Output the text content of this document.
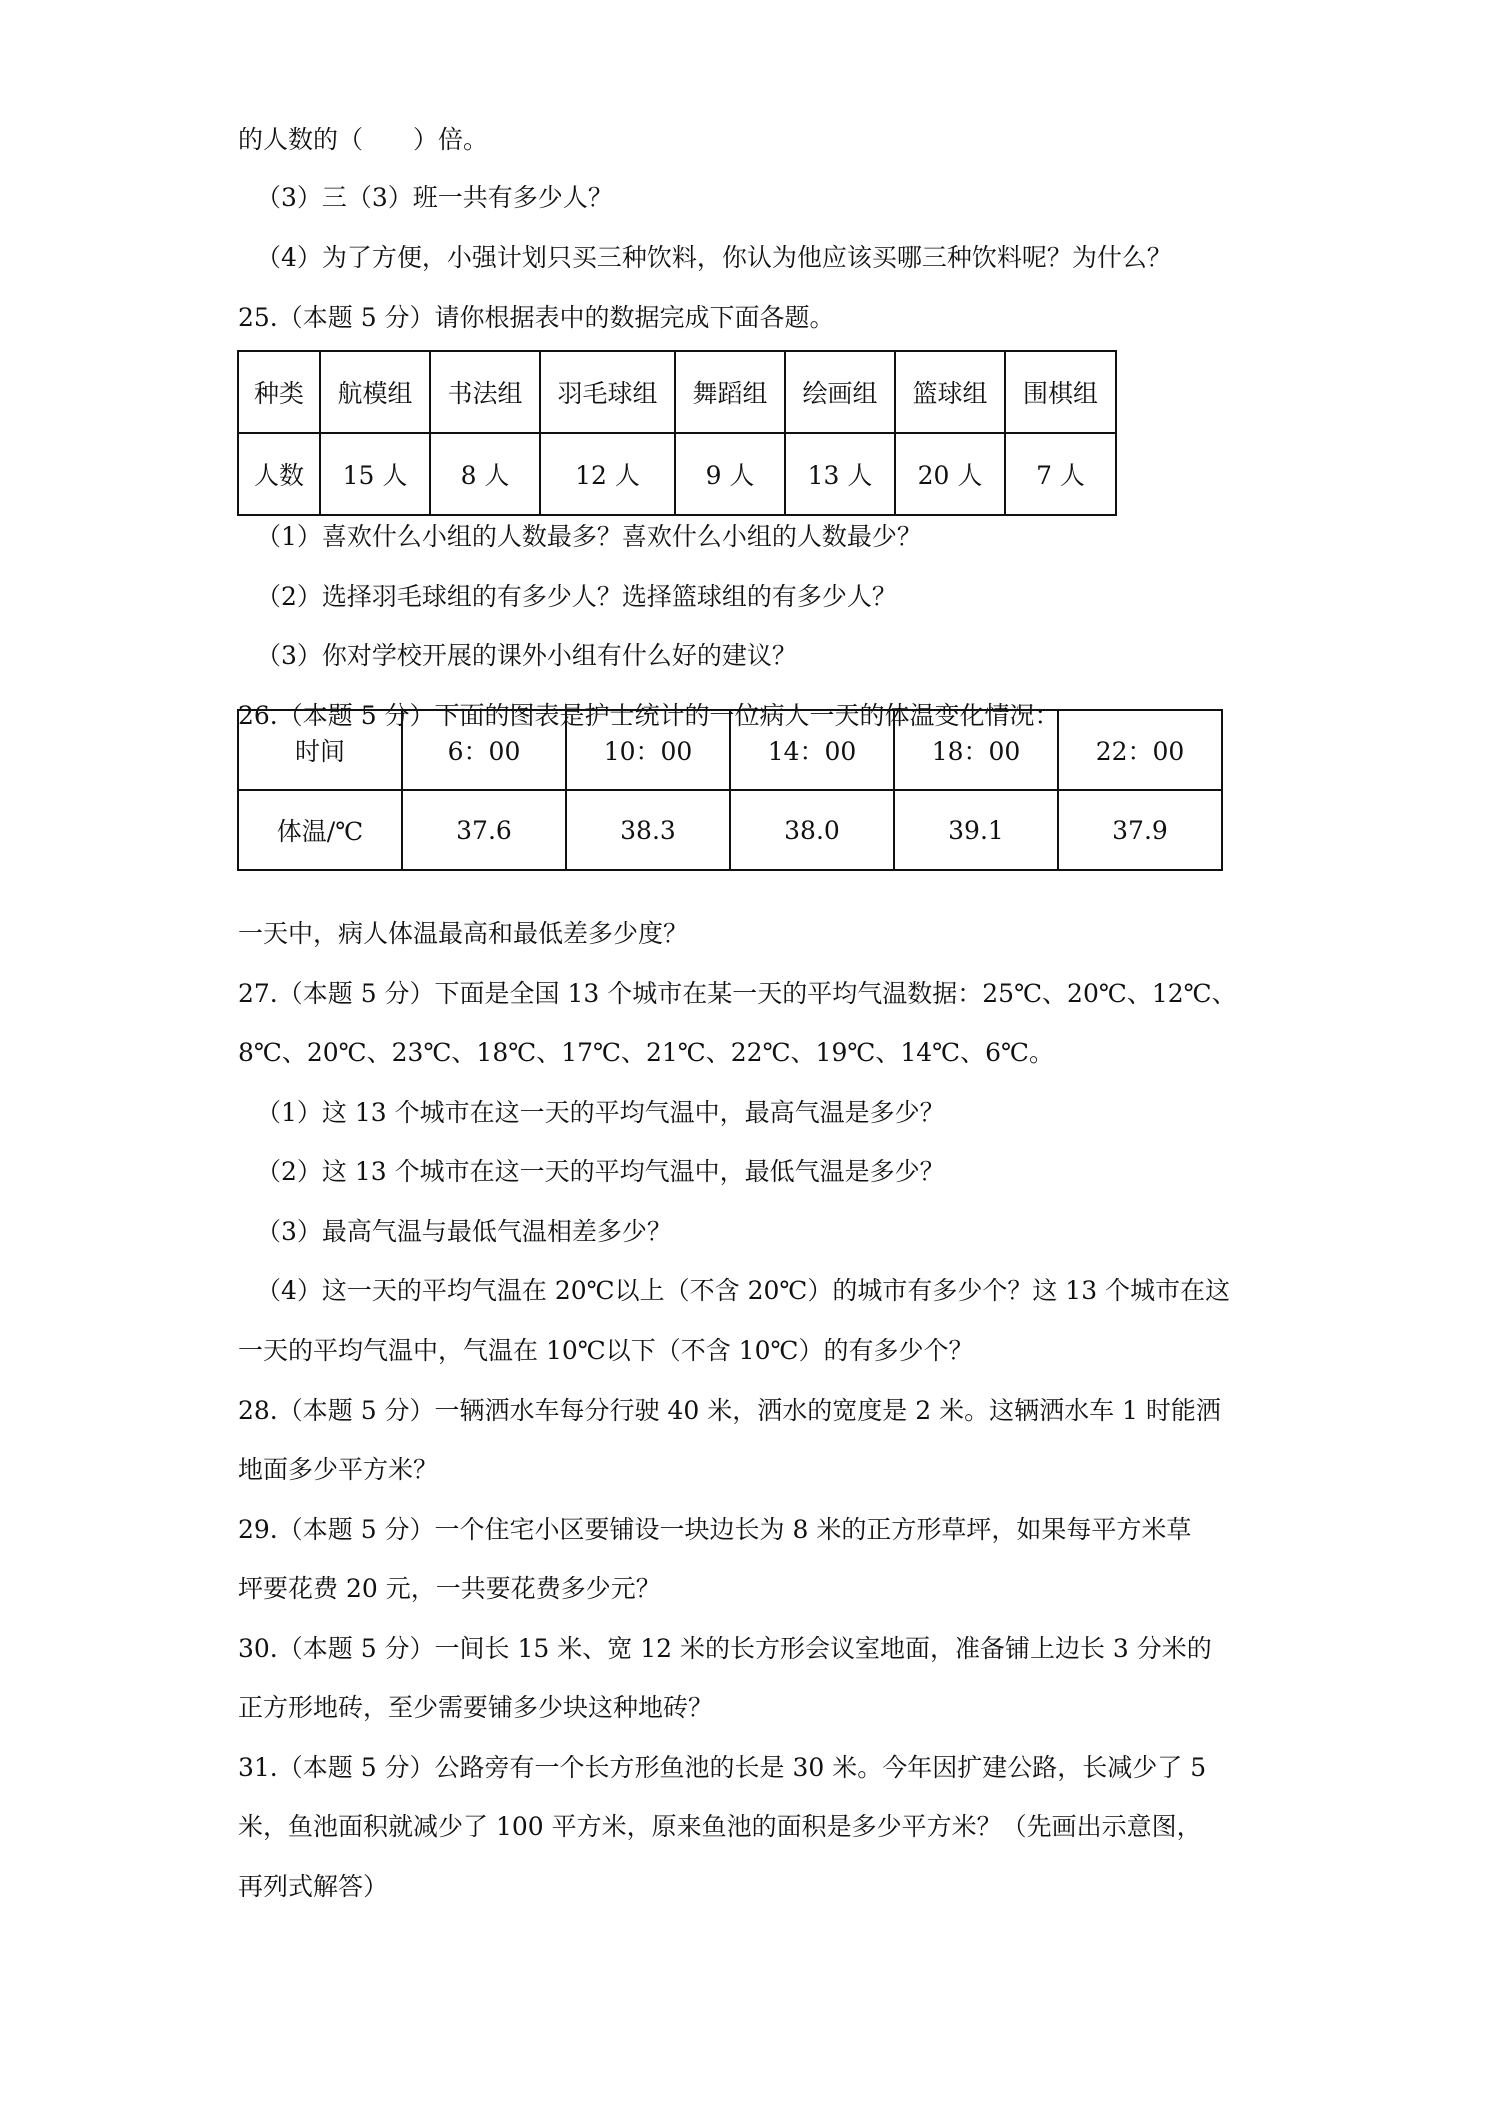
的人数的（　　）倍。
（3）三（3）班一共有多少人？
（4）为了方便，小强计划只买三种饮料，你认为他应该买哪三种饮料呢？为什么？
25.（本题 5 分）请你根据表中的数据完成下面各题。
种类	航模组	书法组	羽毛球组	舞蹈组	绘画组	篮球组	围棋组
人数	15 人	8 人	12 人	9 人	13 人	20 人	7 人
（1）喜欢什么小组的人数最多？喜欢什么小组的人数最少？
（2）选择羽毛球组的有多少人？选择篮球组的有多少人？
（3）你对学校开展的课外小组有什么好的建议？
26.（本题 5 分）下面的图表是护士统计的一位病人一天的体温变化情况：
时间	6：00	10：00	14：00	18：00	22：00
体温/℃	37.6	38.3	38.0	39.1	37.9
一天中，病人体温最高和最低差多少度？
27.（本题 5 分）下面是全国 13 个城市在某一天的平均气温数据：25℃、20℃、12℃、
8℃、20℃、23℃、18℃、17℃、21℃、22℃、19℃、14℃、6℃。
（1）这 13 个城市在这一天的平均气温中，最高气温是多少？
（2）这 13 个城市在这一天的平均气温中，最低气温是多少？
（3）最高气温与最低气温相差多少？
（4）这一天的平均气温在 20℃以上（不含 20℃）的城市有多少个？这 13 个城市在这
一天的平均气温中，气温在 10℃以下（不含 10℃）的有多少个？
28.（本题 5 分）一辆洒水车每分行驶 40 米，洒水的宽度是 2 米。这辆洒水车 1 时能洒
地面多少平方米？
29.（本题 5 分）一个住宅小区要铺设一块边长为 8 米的正方形草坪，如果每平方米草
坪要花费 20 元，一共要花费多少元？
30.（本题 5 分）一间长 15 米、宽 12 米的长方形会议室地面，准备铺上边长 3 分米的
正方形地砖，至少需要铺多少块这种地砖？
31.（本题 5 分）公路旁有一个长方形鱼池的长是 30 米。今年因扩建公路，长减少了 5
米，鱼池面积就减少了 100 平方米，原来鱼池的面积是多少平方米？（先画出示意图，
再列式解答）
